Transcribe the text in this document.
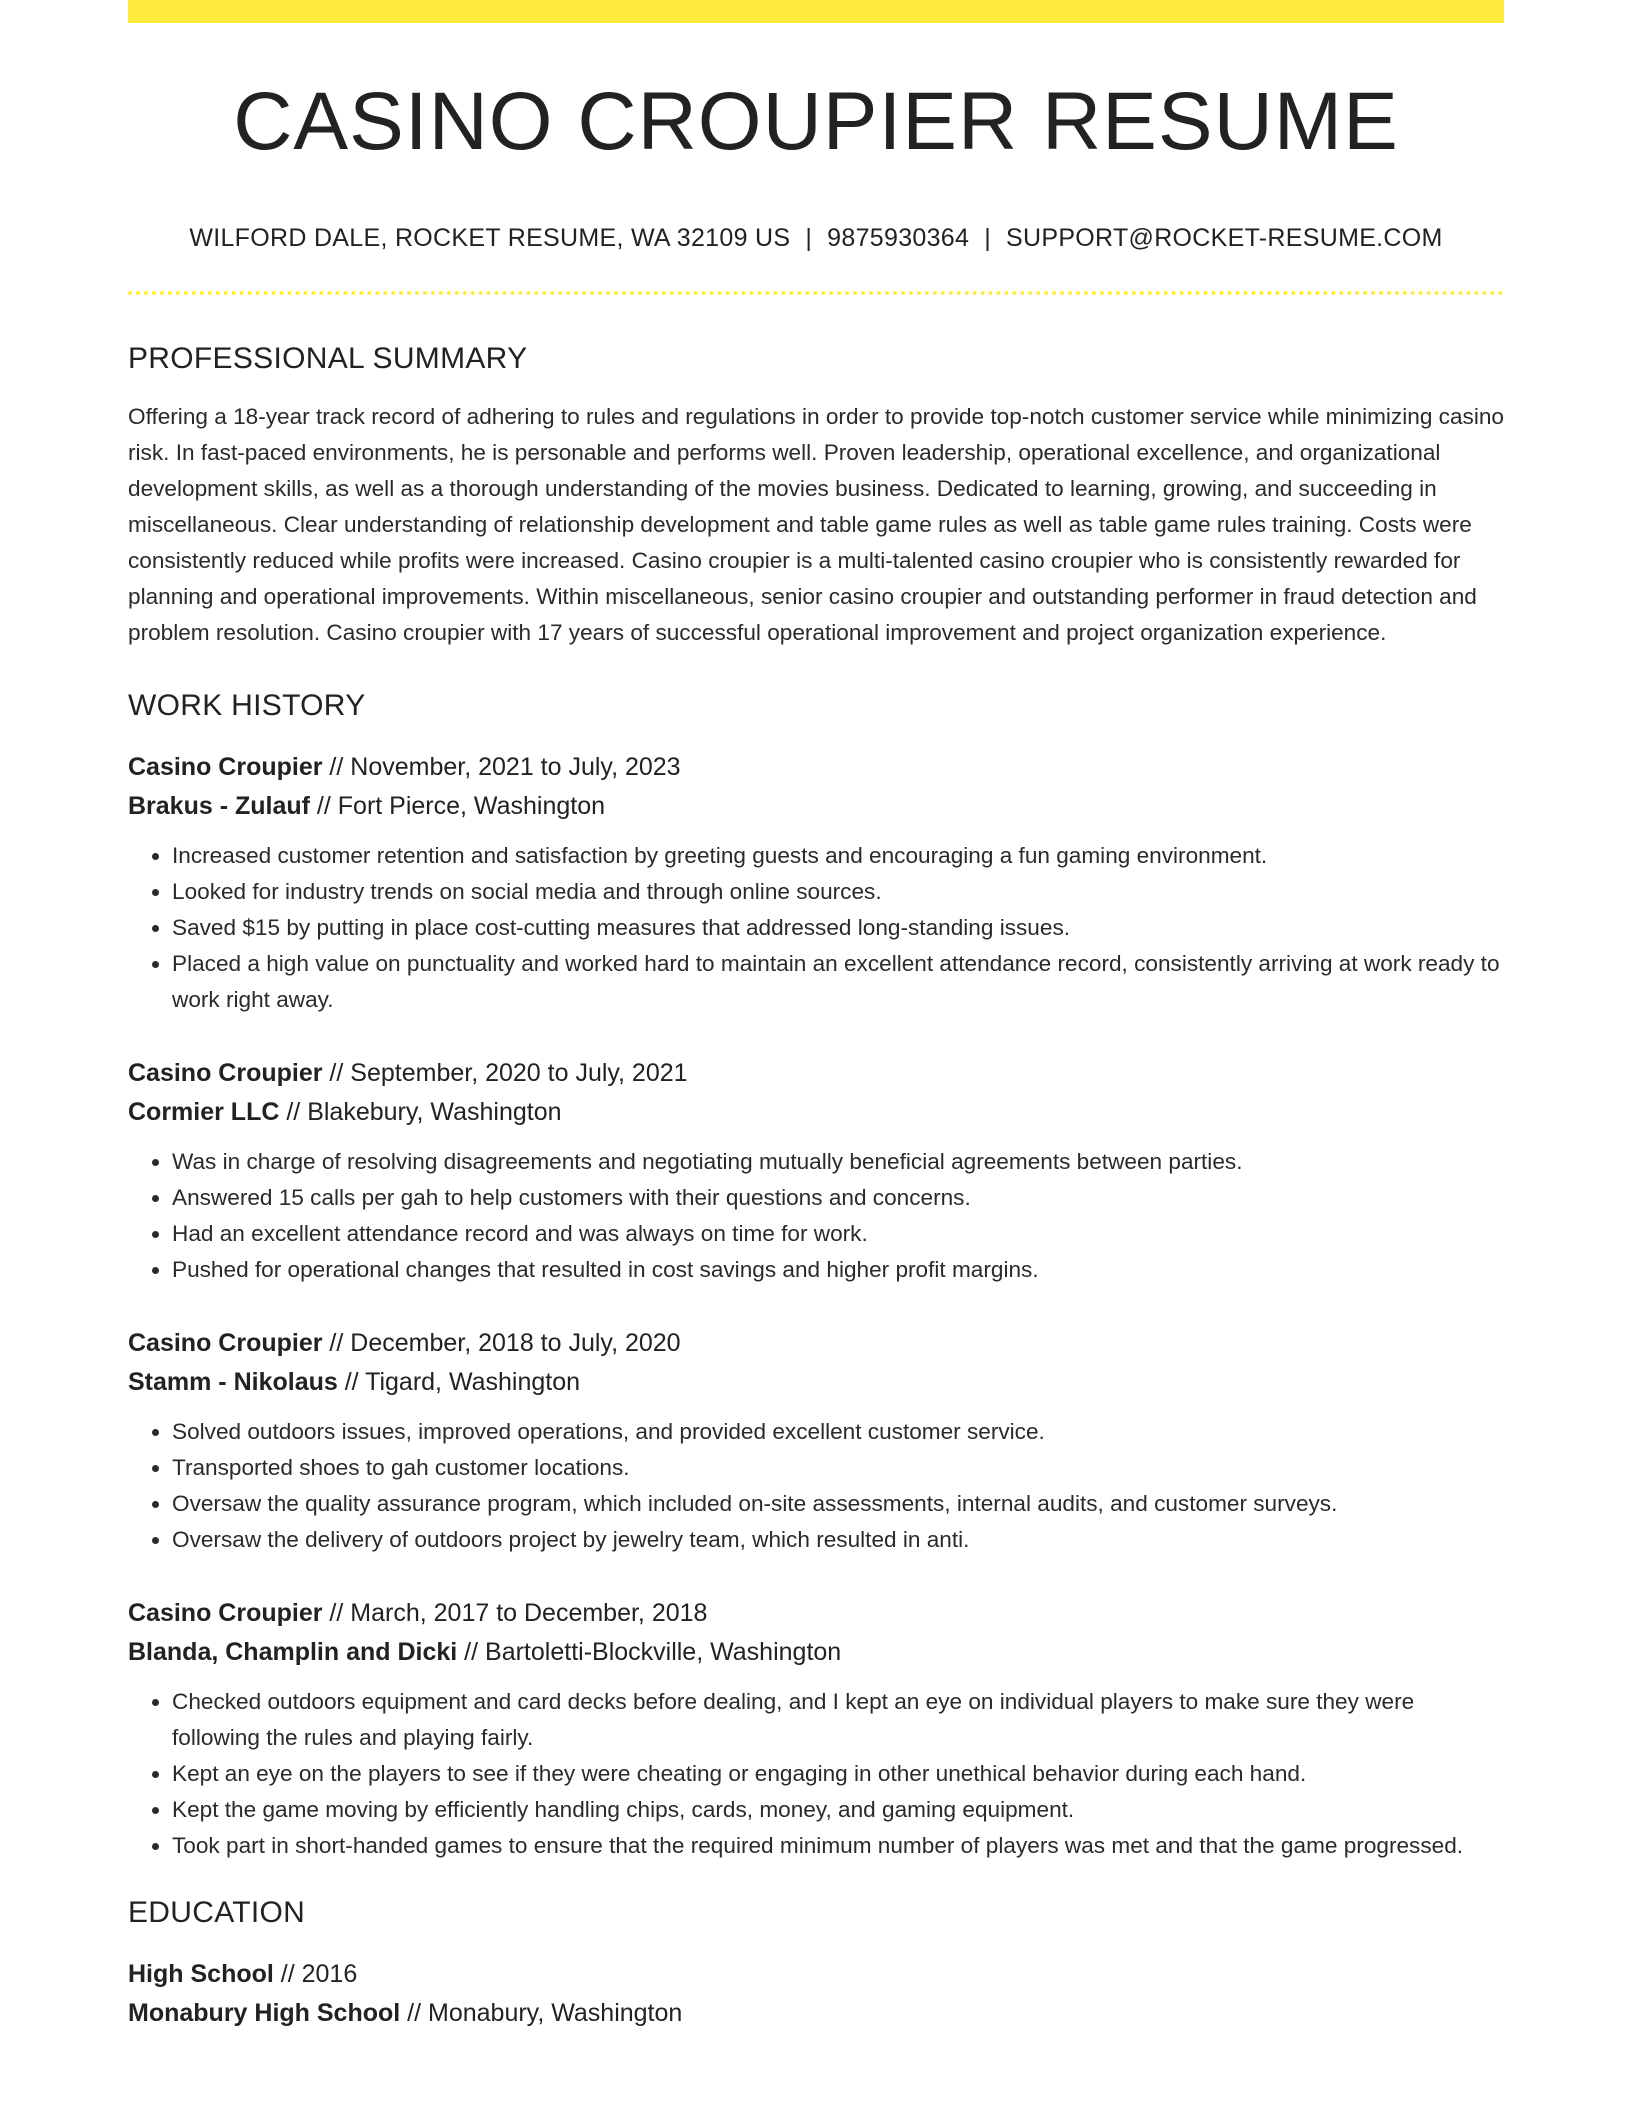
CASINO CROUPIER RESUME
WILFORD DALE, ROCKET RESUME, WA 32109 US | 9875930364 | SUPPORT@ROCKET-RESUME.COM
PROFESSIONAL SUMMARY

Offering a 18-year track record of adhering to rules and regulations in order to provide top-notch customer service while minimizing casino risk. In fast-paced environments, he is personable and performs well. Proven leadership, operational excellence, and organizational development skills, as well as a thorough understanding of the movies business. Dedicated to learning, growing, and succeeding in miscellaneous. Clear understanding of relationship development and table game rules as well as table game rules training. Costs were consistently reduced while profits were increased. Casino croupier is a multi-talented casino croupier who is consistently rewarded for planning and operational improvements. Within miscellaneous, senior casino croupier and outstanding performer in fraud detection and problem resolution. Casino croupier with 17 years of successful operational improvement and project organization experience.

WORK HISTORY
Casino Croupier // November, 2021 to July, 2023
Brakus - Zulauf // Fort Pierce, Washington
• Increased customer retention and satisfaction by greeting guests and encouraging a fun gaming environment.
• Looked for industry trends on social media and through online sources.
• Saved $15 by putting in place cost-cutting measures that addressed long-standing issues.
• Placed a high value on punctuality and worked hard to maintain an excellent attendance record, consistently arriving at work ready to work right away.
Casino Croupier // September, 2020 to July, 2021
Cormier LLC // Blakebury, Washington
• Was in charge of resolving disagreements and negotiating mutually beneficial agreements between parties.
• Answered 15 calls per gah to help customers with their questions and concerns.
• Had an excellent attendance record and was always on time for work.
• Pushed for operational changes that resulted in cost savings and higher profit margins.
Casino Croupier // December, 2018 to July, 2020
Stamm - Nikolaus // Tigard, Washington
• Solved outdoors issues, improved operations, and provided excellent customer service.
• Transported shoes to gah customer locations.
• Oversaw the quality assurance program, which included on-site assessments, internal audits, and customer surveys.
• Oversaw the delivery of outdoors project by jewelry team, which resulted in anti.
Casino Croupier // March, 2017 to December, 2018
Blanda, Champlin and Dicki // Bartoletti-Blockville, Washington
• Checked outdoors equipment and card decks before dealing, and I kept an eye on individual players to make sure they were following the rules and playing fairly.
• Kept an eye on the players to see if they were cheating or engaging in other unethical behavior during each hand.
• Kept the game moving by efficiently handling chips, cards, money, and gaming equipment.
• Took part in short-handed games to ensure that the required minimum number of players was met and that the game progressed.
EDUCATION
High School // 2016
Monabury High School // Monabury, Washington
